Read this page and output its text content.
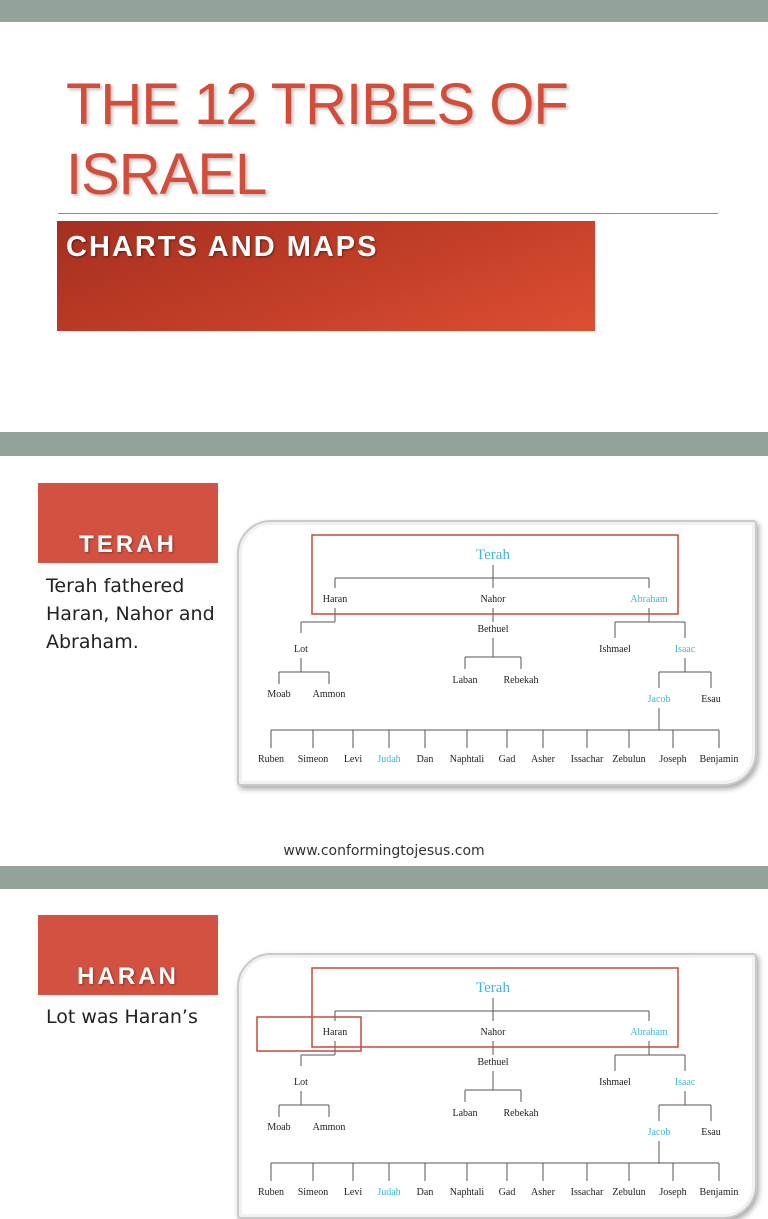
THE 12 TRIBES OF
ISRAEL
CHARTS AND MAPS
TERAH
Terah fathered Haran, Nahor and Abraham.
Terah
Haran	Nahor	Abraham
Lot
Moab Ammon
Bethuel
Laban	Rebekah
Ishmael	Isaac
Jacob	Esau
Ruben Simeon Levi Judah Dan Naphtali Gad Asher Issachar Zebulun Joseph Benjamin
www.conformingtojesus.com
HARAN
Lot was Haran’s
Terah
Haran	Nahor	Abraham
Lot
Moab Ammon
Bethuel
Laban	Rebekah
Ishmael	Isaac
Jacob	Esau
Ruben Simeon Levi Judah Dan Naphtali Gad Asher Issachar Zebulun Joseph Benjamin
